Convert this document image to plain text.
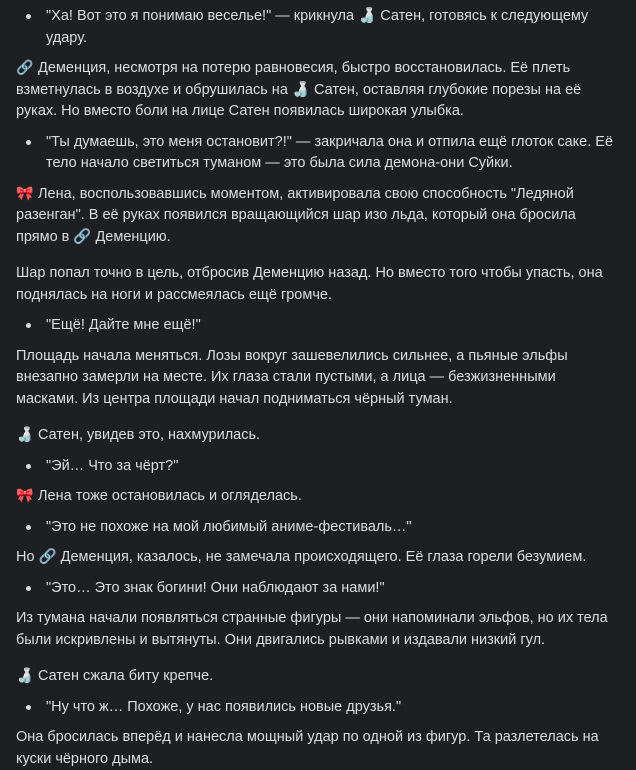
"Ха! Вот это я понимаю веселье!" — крикнула 🍶 Сатен, готовясь к следующему удару.
🔗 Деменция, несмотря на потерю равновесия, быстро восстановилась. Её плеть взметнулась в воздухе и обрушилась на 🍶 Сатен, оставляя глубокие порезы на её руках. Но вместо боли на лице Сатен появилась широкая улыбка.
"Ты думаешь, это меня остановит?!" — закричала она и отпила ещё глоток саке. Её тело начало светиться туманом — это была сила демона-они Суйки.
🎀 Лена, воспользовавшись моментом, активировала свою способность "Ледяной разенган". В её руках появился вращающийся шар изо льда, который она бросила прямо в 🔗 Деменцию.
Шар попал точно в цель, отбросив Деменцию назад. Но вместо того чтобы упасть, она поднялась на ноги и рассмеялась ещё громче.
"Ещё! Дайте мне ещё!"
Площадь начала меняться. Лозы вокруг зашевелились сильнее, а пьяные эльфы внезапно замерли на месте. Их глаза стали пустыми, а лица — безжизненными масками. Из центра площади начал подниматься чёрный туман.
🍶 Сатен, увидев это, нахмурилась.
"Эй… Что за чёрт?"
🎀 Лена тоже остановилась и огляделась.
"Это не похоже на мой любимый аниме-фестиваль…"
Но 🔗 Деменция, казалось, не замечала происходящего. Её глаза горели безумием.
"Это… Это знак богини! Они наблюдают за нами!"
Из тумана начали появляться странные фигуры — они напоминали эльфов, но их тела были искривлены и вытянуты. Они двигались рывками и издавали низкий гул.
🍶 Сатен сжала биту крепче.
"Ну что ж… Похоже, у нас появились новые друзья."
Она бросилась вперёд и нанесла мощный удар по одной из фигур. Та разлетелась на куски чёрного дыма.
